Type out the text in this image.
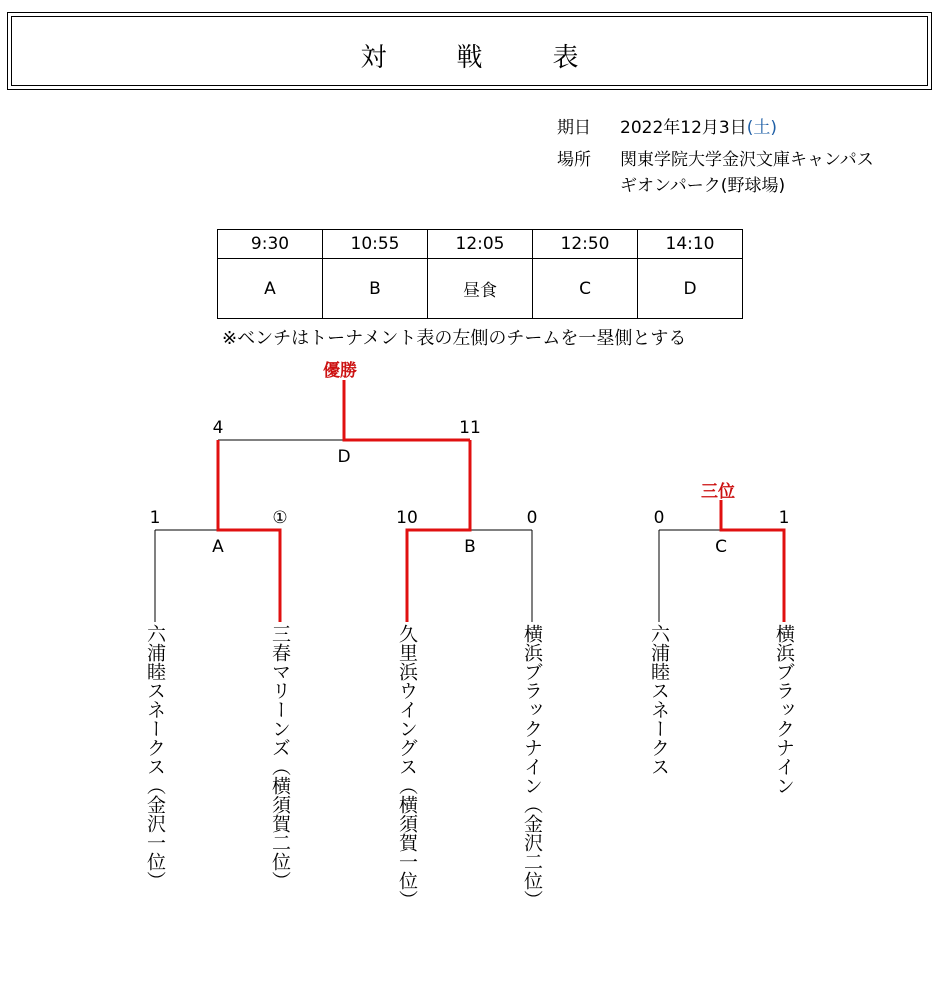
対　戦　表
期日 2022年12月3日(土)
場所 関東学院大学金沢文庫キャンパス
ギオンパーク(野球場)
9:30	10:55	12:05	12:50	14:10
A	B	昼食	C	D
※ベンチはトーナメント表の左側のチームを一塁側とする
優勝
三位
4	11
D
1	①
A
10	0
B
0	1
C
六浦睦スネークス（金沢一位）	三春マリーンズ（横須賀二位）	久里浜ウイングス（横須賀一位）	横浜ブラックナイン（金沢二位）	六浦睦スネークス	横浜ブラックナイン
